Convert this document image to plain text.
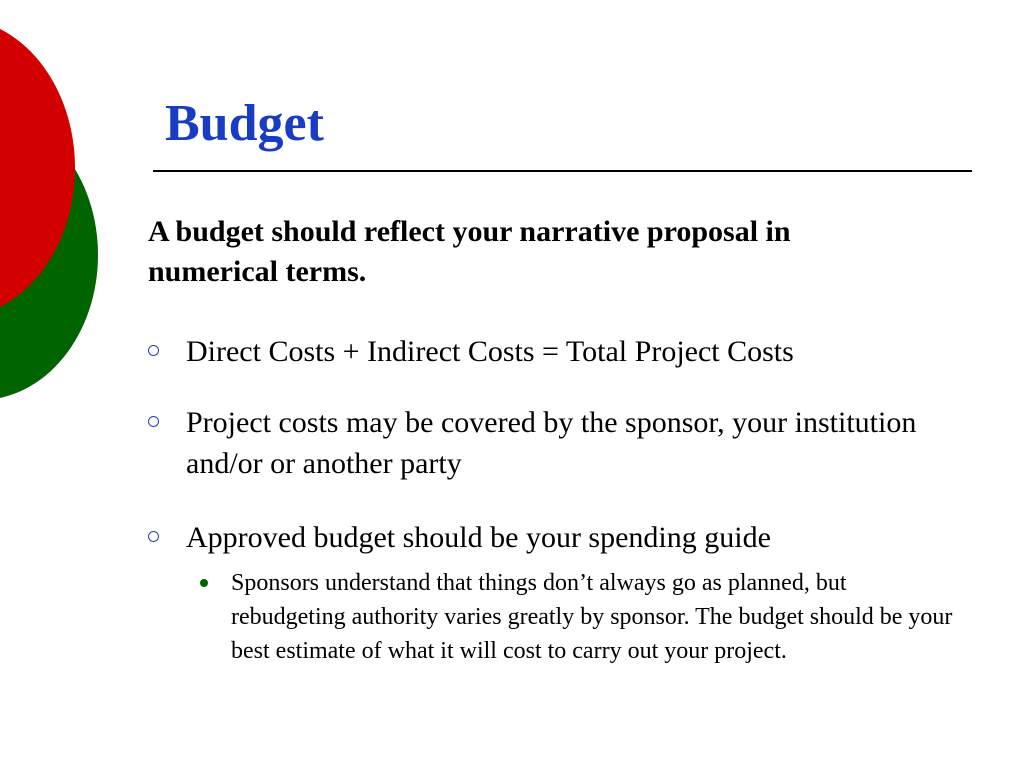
Budget

A budget should reflect your narrative proposal in numerical terms.

Direct Costs + Indirect Costs = Total Project Costs
Project costs may be covered by the sponsor, your institution and/or or another party
Approved budget should be your spending guide
Sponsors understand that things don’t always go as planned, but rebudgeting authority varies greatly by sponsor. The budget should be your best estimate of what it will cost to carry out your project.
